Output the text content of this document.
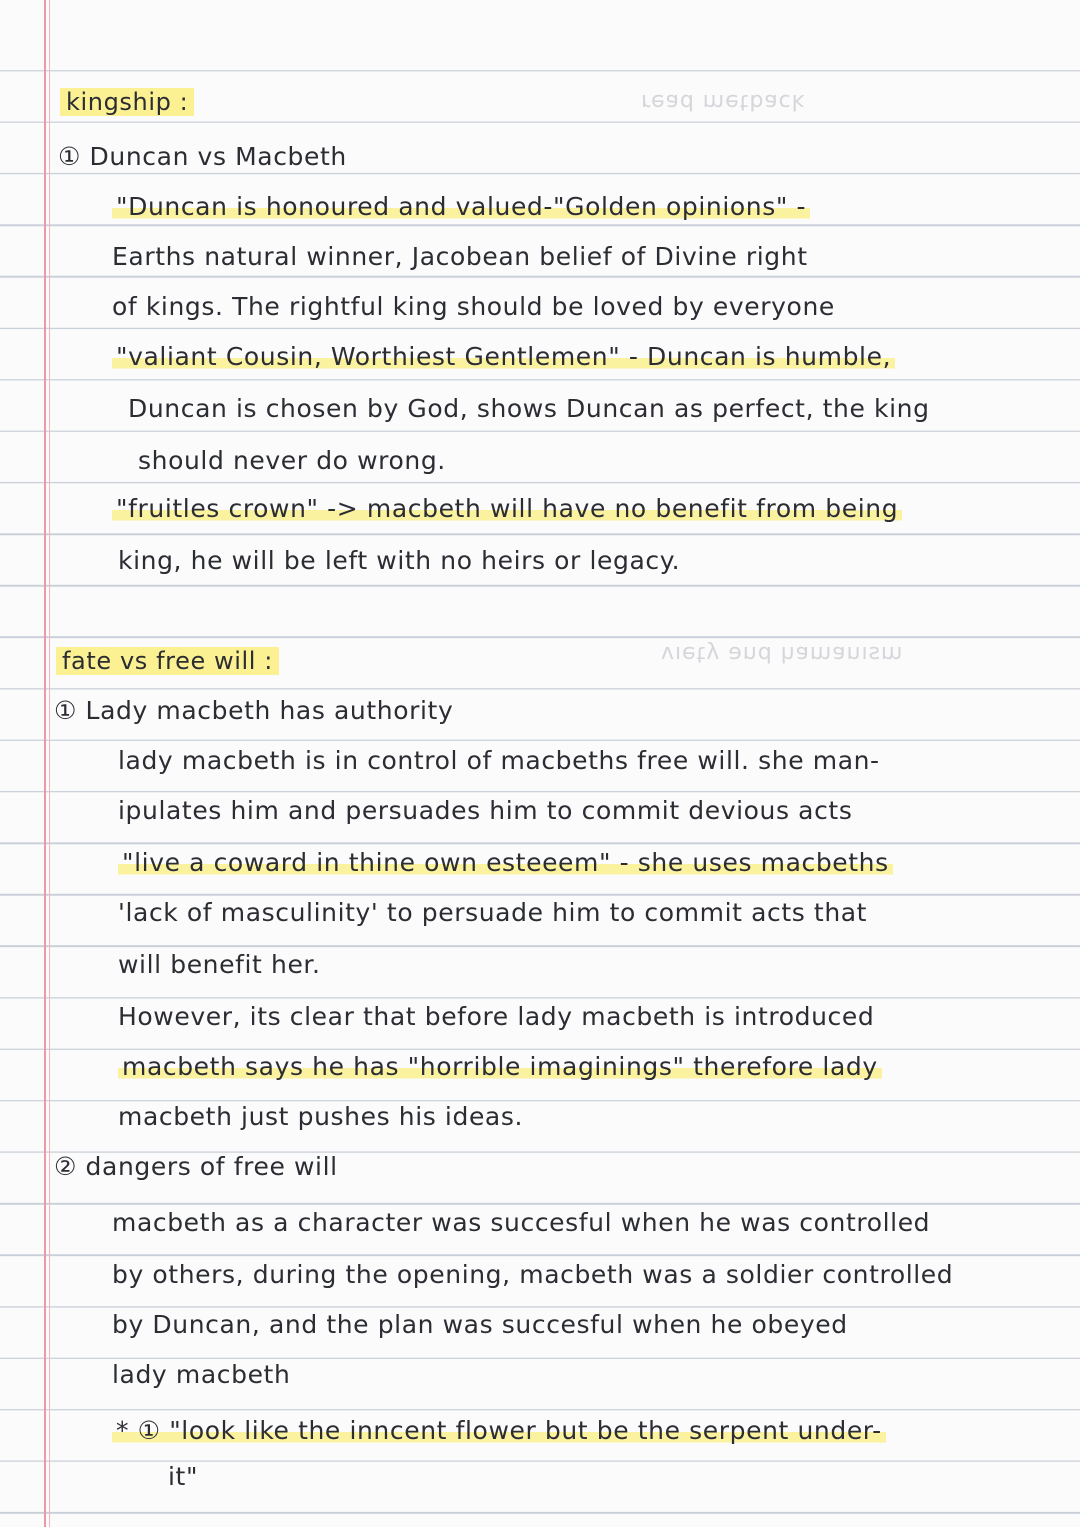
ʞɔɐqʇǝɯ pɐǝɹ
ɯsıuɐɯɐɥ pue ʎʇǝıʌ
kingship :
① Duncan vs Macbeth
"Duncan is honoured and valued-"Golden opinions" -
Earths natural winner, Jacobean belief of Divine right
of kings. The rightful king should be loved by everyone
"valiant Cousin, Worthiest Gentlemen" - Duncan is humble,
Duncan is chosen by God, shows Duncan as perfect, the king
should never do wrong.
"fruitles crown" -> macbeth will have no benefit from being
king, he will be left with no heirs or legacy.
fate vs free will :
① Lady macbeth has authority
lady macbeth is in control of macbeths free will. she man-
ipulates him and persuades him to commit devious acts
"live a coward in thine own esteeem" - she uses macbeths
'lack of masculinity' to persuade him to commit acts that
will benefit her.
However, its clear that before lady macbeth is introduced
macbeth says he has "horrible imaginings" therefore lady
macbeth just pushes his ideas.
② dangers of free will
macbeth as a character was succesful when he was controlled
by others, during the opening, macbeth was a soldier controlled
by Duncan, and the plan was succesful when he obeyed
lady macbeth
* ① "look like the inncent flower but be the serpent under-
it"
